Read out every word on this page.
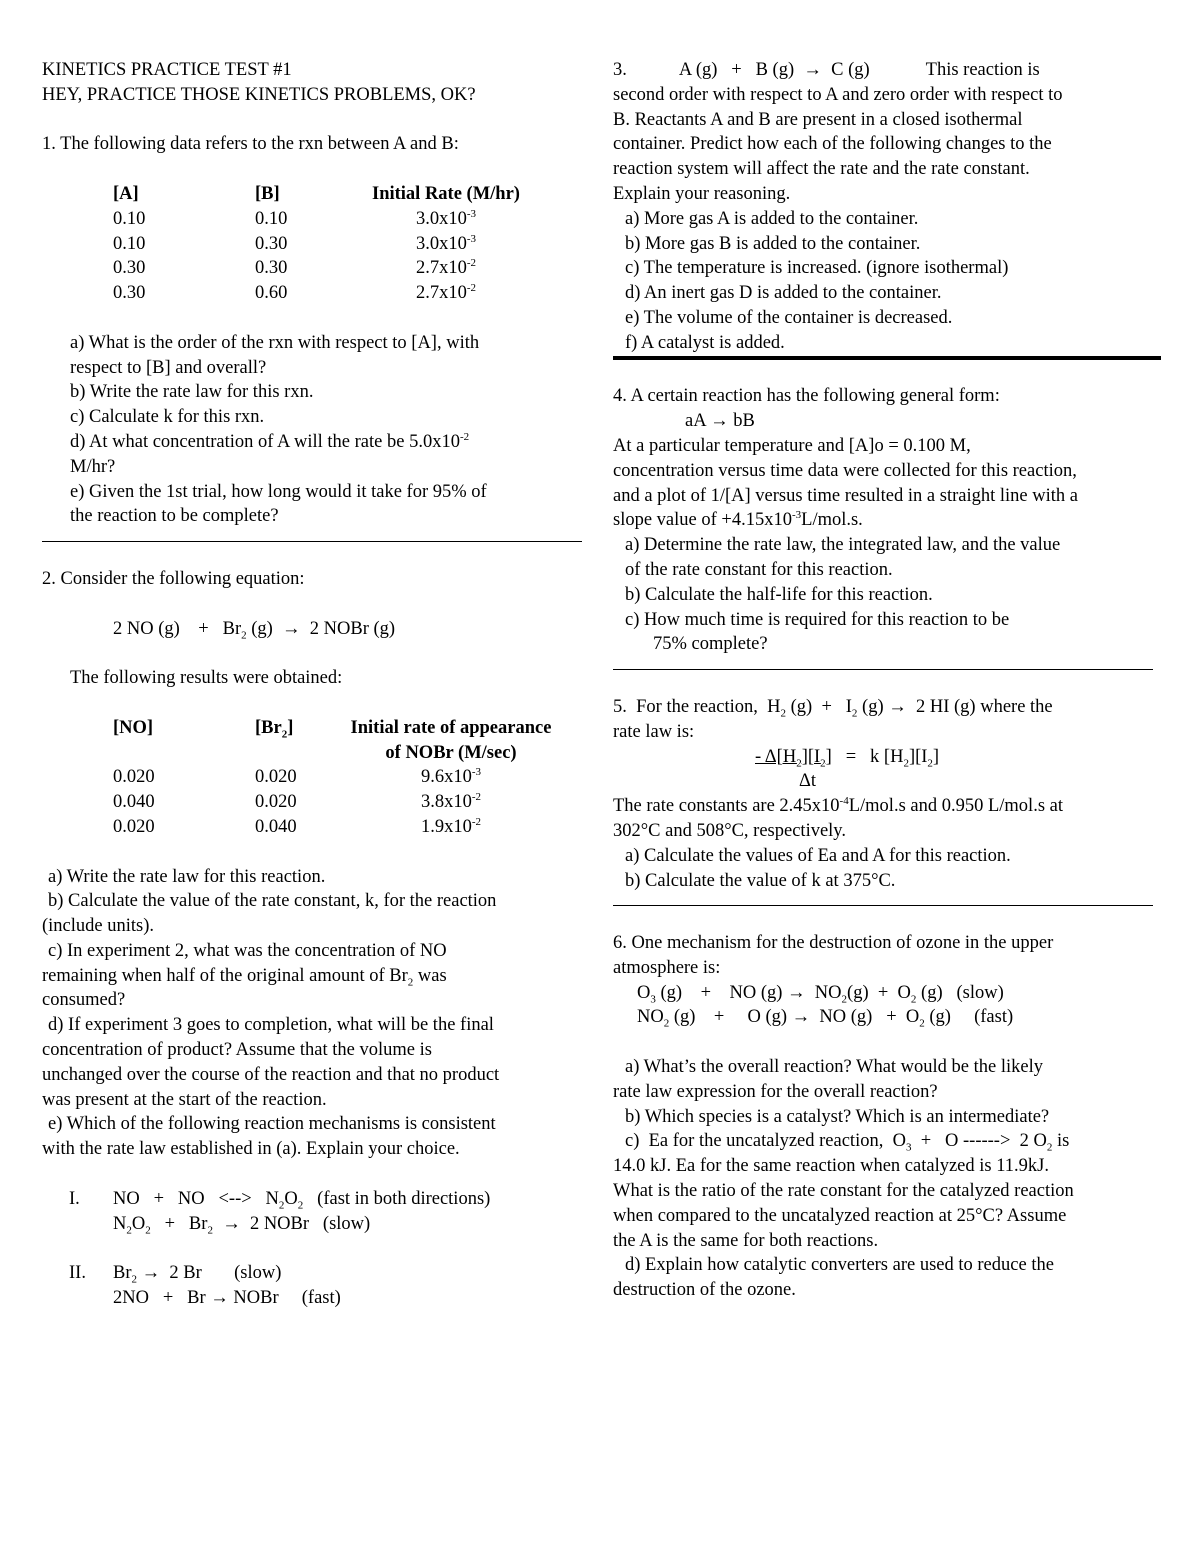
KINETICS PRACTICE TEST #1

HEY, PRACTICE THOSE KINETICS PROBLEMS, OK?

1. The following data refers to the rxn between A and B:

[A]	[B]	Initial Rate (M/hr)
0.10	0.10	$3.0x10^{-3}$
0.10	0.30	$3.0x10^{-3}$
0.30	0.30	$2.7x10^{-2}$
0.30	0.60	$2.7x10^{-2}$

a) What is the order of the rxn with respect to [A], with

respect to [B] and overall?

b) Write the rate law for this rxn.

c) Calculate k for this rxn.

d) At what concentration of A will the rate be $5.0x10^{-2}$

M/hr?

e) Given the 1st trial, how long would it take for 95% of

the reaction to be complete?

2. Consider the following equation:

2 NO (g)    +   $Br_2$ (g)  →  2 NOBr (g)

The following results were obtained:

[NO]	$[Br_2]$	Initial rate of appearance
		of NOBr (M/sec)
0.020	0.020	$9.6x10^{-3}$
0.040	0.020	$3.8x10^{-2}$
0.020	0.040	$1.9x10^{-2}$

a) Write the rate law for this reaction.

b) Calculate the value of the rate constant, k, for the reaction

(include units).

c) In experiment 2, what was the concentration of NO

remaining when half of the original amount of $Br_2$ was

consumed?

d) If experiment 3 goes to completion, what will be the final

concentration of product? Assume that the volume is

unchanged over the course of the reaction and that no product

was present at the start of the reaction.

e) Which of the following reaction mechanisms is consistent

with the rate law established in (a). Explain your choice.

I. NO   +   NO   <-->   $N_2O_2$   (fast in both directions)

$N_2O_2 + Br_2 \to 2$ NOBr   (slow)

II. $Br_2 \to 2$ Br       (slow)

2NO   +   Br → NOBr     (fast)

3.	A (g)   +   B (g)  →  C (g)	This reaction is

second order with respect to A and zero order with respect to

B. Reactants A and B are present in a closed isothermal

container. Predict how each of the following changes to the

reaction system will affect the rate and the rate constant.

Explain your reasoning.

a) More gas A is added to the container.

b) More gas B is added to the container.

c) The temperature is increased. (ignore isothermal)

d) An inert gas D is added to the container.

e) The volume of the container is decreased.

f) A catalyst is added.

4. A certain reaction has the following general form:

aA → bB

At a particular temperature and [A]o = 0.100 M,

concentration versus time data were collected for this reaction,

and a plot of 1/[A] versus time resulted in a straight line with a

slope value of $+4.15x10^{-3}L/mol.s$.

a) Determine the rate law, the integrated law, and the value

of the rate constant for this reaction.

b) Calculate the half-life for this reaction.

c) How much time is required for this reaction to be

75% complete?

5.  For the reaction,  $H_2$ $(g) + I_2$ (g) →  2 HI (g) where the

rate law is:

- $\Delta[H_2][I_2] = k$ $[H_2][I_2]$

Δt

The rate constants are $2.45x10^{-4}L/mol.s$ and 0.950 L/mol.s at

302°C and 508°C, respectively.

a) Calculate the values of Ea and A for this reaction.

b) Calculate the value of k at 375°C.

6. One mechanism for the destruction of ozone in the upper

atmosphere is:

$O_3$ (g)    +    NO $(g) \to NO_2(g) + O_2$ (g)   (slow)

$NO_2$ (g)    +     O (g) →  NO $(g) + O_2$ (g)     (fast)

a) What’s the overall reaction? What would be the likely

rate law expression for the overall reaction?

b) Which species is a catalyst? Which is an intermediate?

c)  Ea for the uncatalyzed reaction,  $O_3 + O$ ------>  2 $O_2$ is

14.0 kJ. Ea for the same reaction when catalyzed is 11.9kJ.

What is the ratio of the rate constant for the catalyzed reaction

when compared to the uncatalyzed reaction at 25°C? Assume

the A is the same for both reactions.

d) Explain how catalytic converters are used to reduce the

destruction of the ozone.
